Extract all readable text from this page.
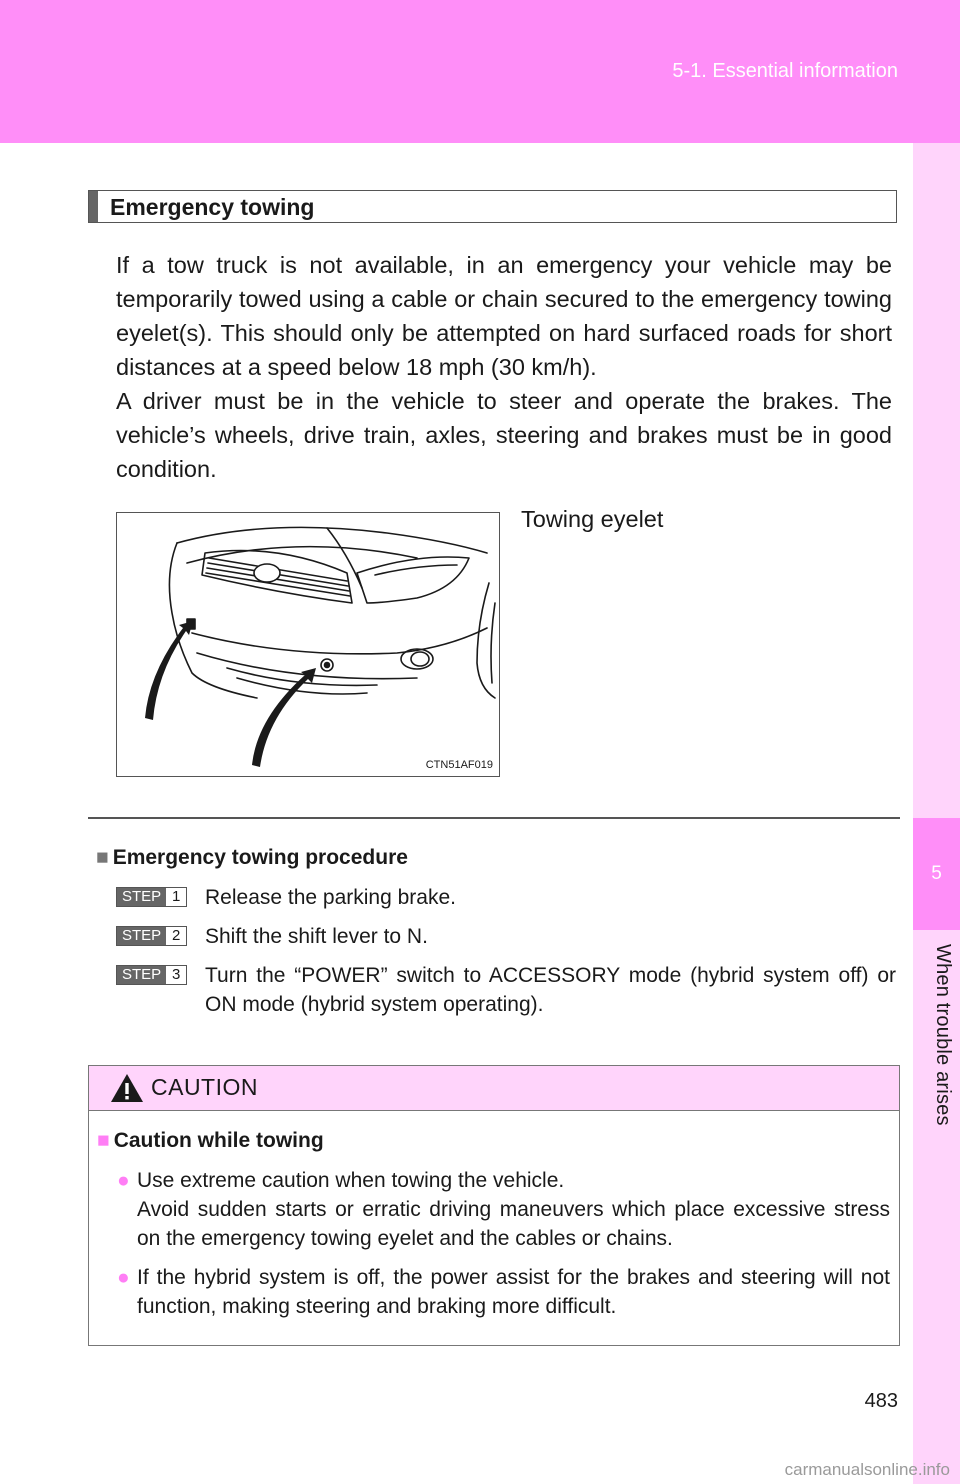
5-1. Essential information
5
When trouble arises
Emergency towing
If a tow truck is not available, in an emergency your vehicle may be temporarily towed using a cable or chain secured to the emergency towing eyelet(s). This should only be attempted on hard surfaced roads for short distances at a speed below 18 mph (30 km/h).
A driver must be in the vehicle to steer and operate the brakes. The vehicle’s wheels, drive train, axles, steering and brakes must be in good condition.
CTN51AF019
Towing eyelet
■ Emergency towing procedure
STEP 1 Release the parking brake.
STEP 2 Shift the shift lever to N.
STEP 3 Turn the “POWER” switch to ACCESSORY mode (hybrid system off) or ON mode (hybrid system operating).
CAUTION
■ Caution while towing
● Use extreme caution when towing the vehicle.
Avoid sudden starts or erratic driving maneuvers which place excessive stress on the emergency towing eyelet and the cables or chains.
● If the hybrid system is off, the power assist for the brakes and steering will not function, making steering and braking more difficult.
483
carmanualsonline.info
